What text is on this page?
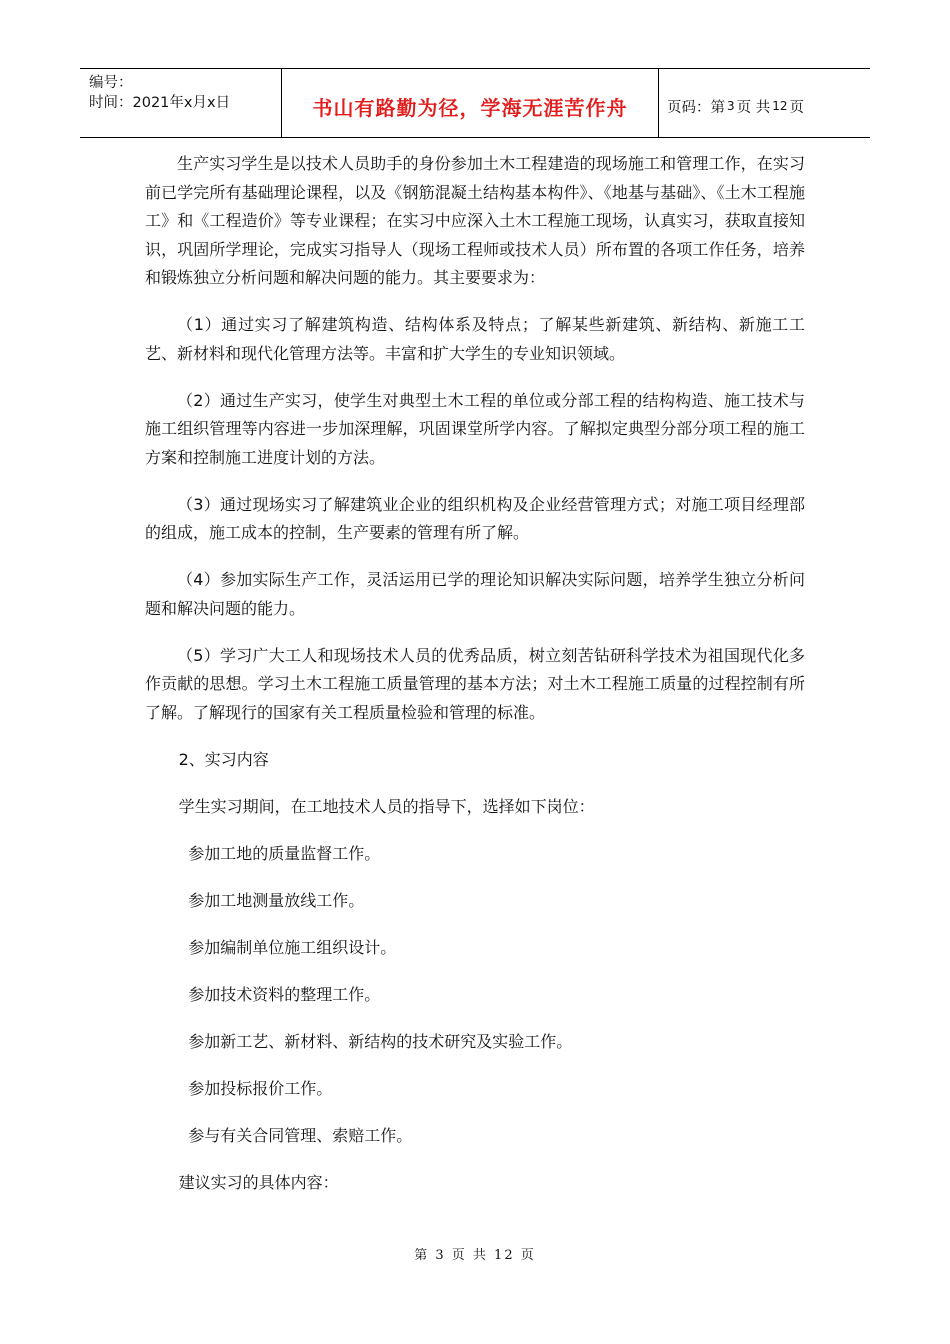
编号：
时间：2021年x月x日	书山有路勤为径，学海无涯苦作舟	页码：第 3 页 共 12 页

生产实习学生是以技术人员助手的身份参加土木工程建造的现场施工和管理工作，在实习前已学完所有基础理论课程，以及《钢筋混凝土结构基本构件》、《地基与基础》、《土木工程施工》和《工程造价》等专业课程；在实习中应深入土木工程施工现场，认真实习，获取直接知识，巩固所学理论，完成实习指导人（现场工程师或技术人员）所布置的各项工作任务，培养和锻炼独立分析问题和解决问题的能力。其主要要求为：

（1）通过实习了解建筑构造、结构体系及特点；了解某些新建筑、新结构、新施工工艺、新材料和现代化管理方法等。丰富和扩大学生的专业知识领域。

（2）通过生产实习，使学生对典型土木工程的单位或分部工程的结构构造、施工技术与施工组织管理等内容进一步加深理解，巩固课堂所学内容。了解拟定典型分部分项工程的施工方案和控制施工进度计划的方法。

（3）通过现场实习了解建筑业企业的组织机构及企业经营管理方式；对施工项目经理部的组成，施工成本的控制，生产要素的管理有所了解。

（4）参加实际生产工作，灵活运用已学的理论知识解决实际问题，培养学生独立分析问题和解决问题的能力。

（5）学习广大工人和现场技术人员的优秀品质，树立刻苦钻研科学技术为祖国现代化多作贡献的思想。学习土木工程施工质量管理的基本方法；对土木工程施工质量的过程控制有所了解。了解现行的国家有关工程质量检验和管理的标准。

2、实习内容

学生实习期间，在工地技术人员的指导下，选择如下岗位：

参加工地的质量监督工作。

参加工地测量放线工作。

参加编制单位施工组织设计。

参加技术资料的整理工作。

参加新工艺、新材料、新结构的技术研究及实验工作。

参加投标报价工作。

参与有关合同管理、索赔工作。

建议实习的具体内容：

第 3 页 共 12 页
